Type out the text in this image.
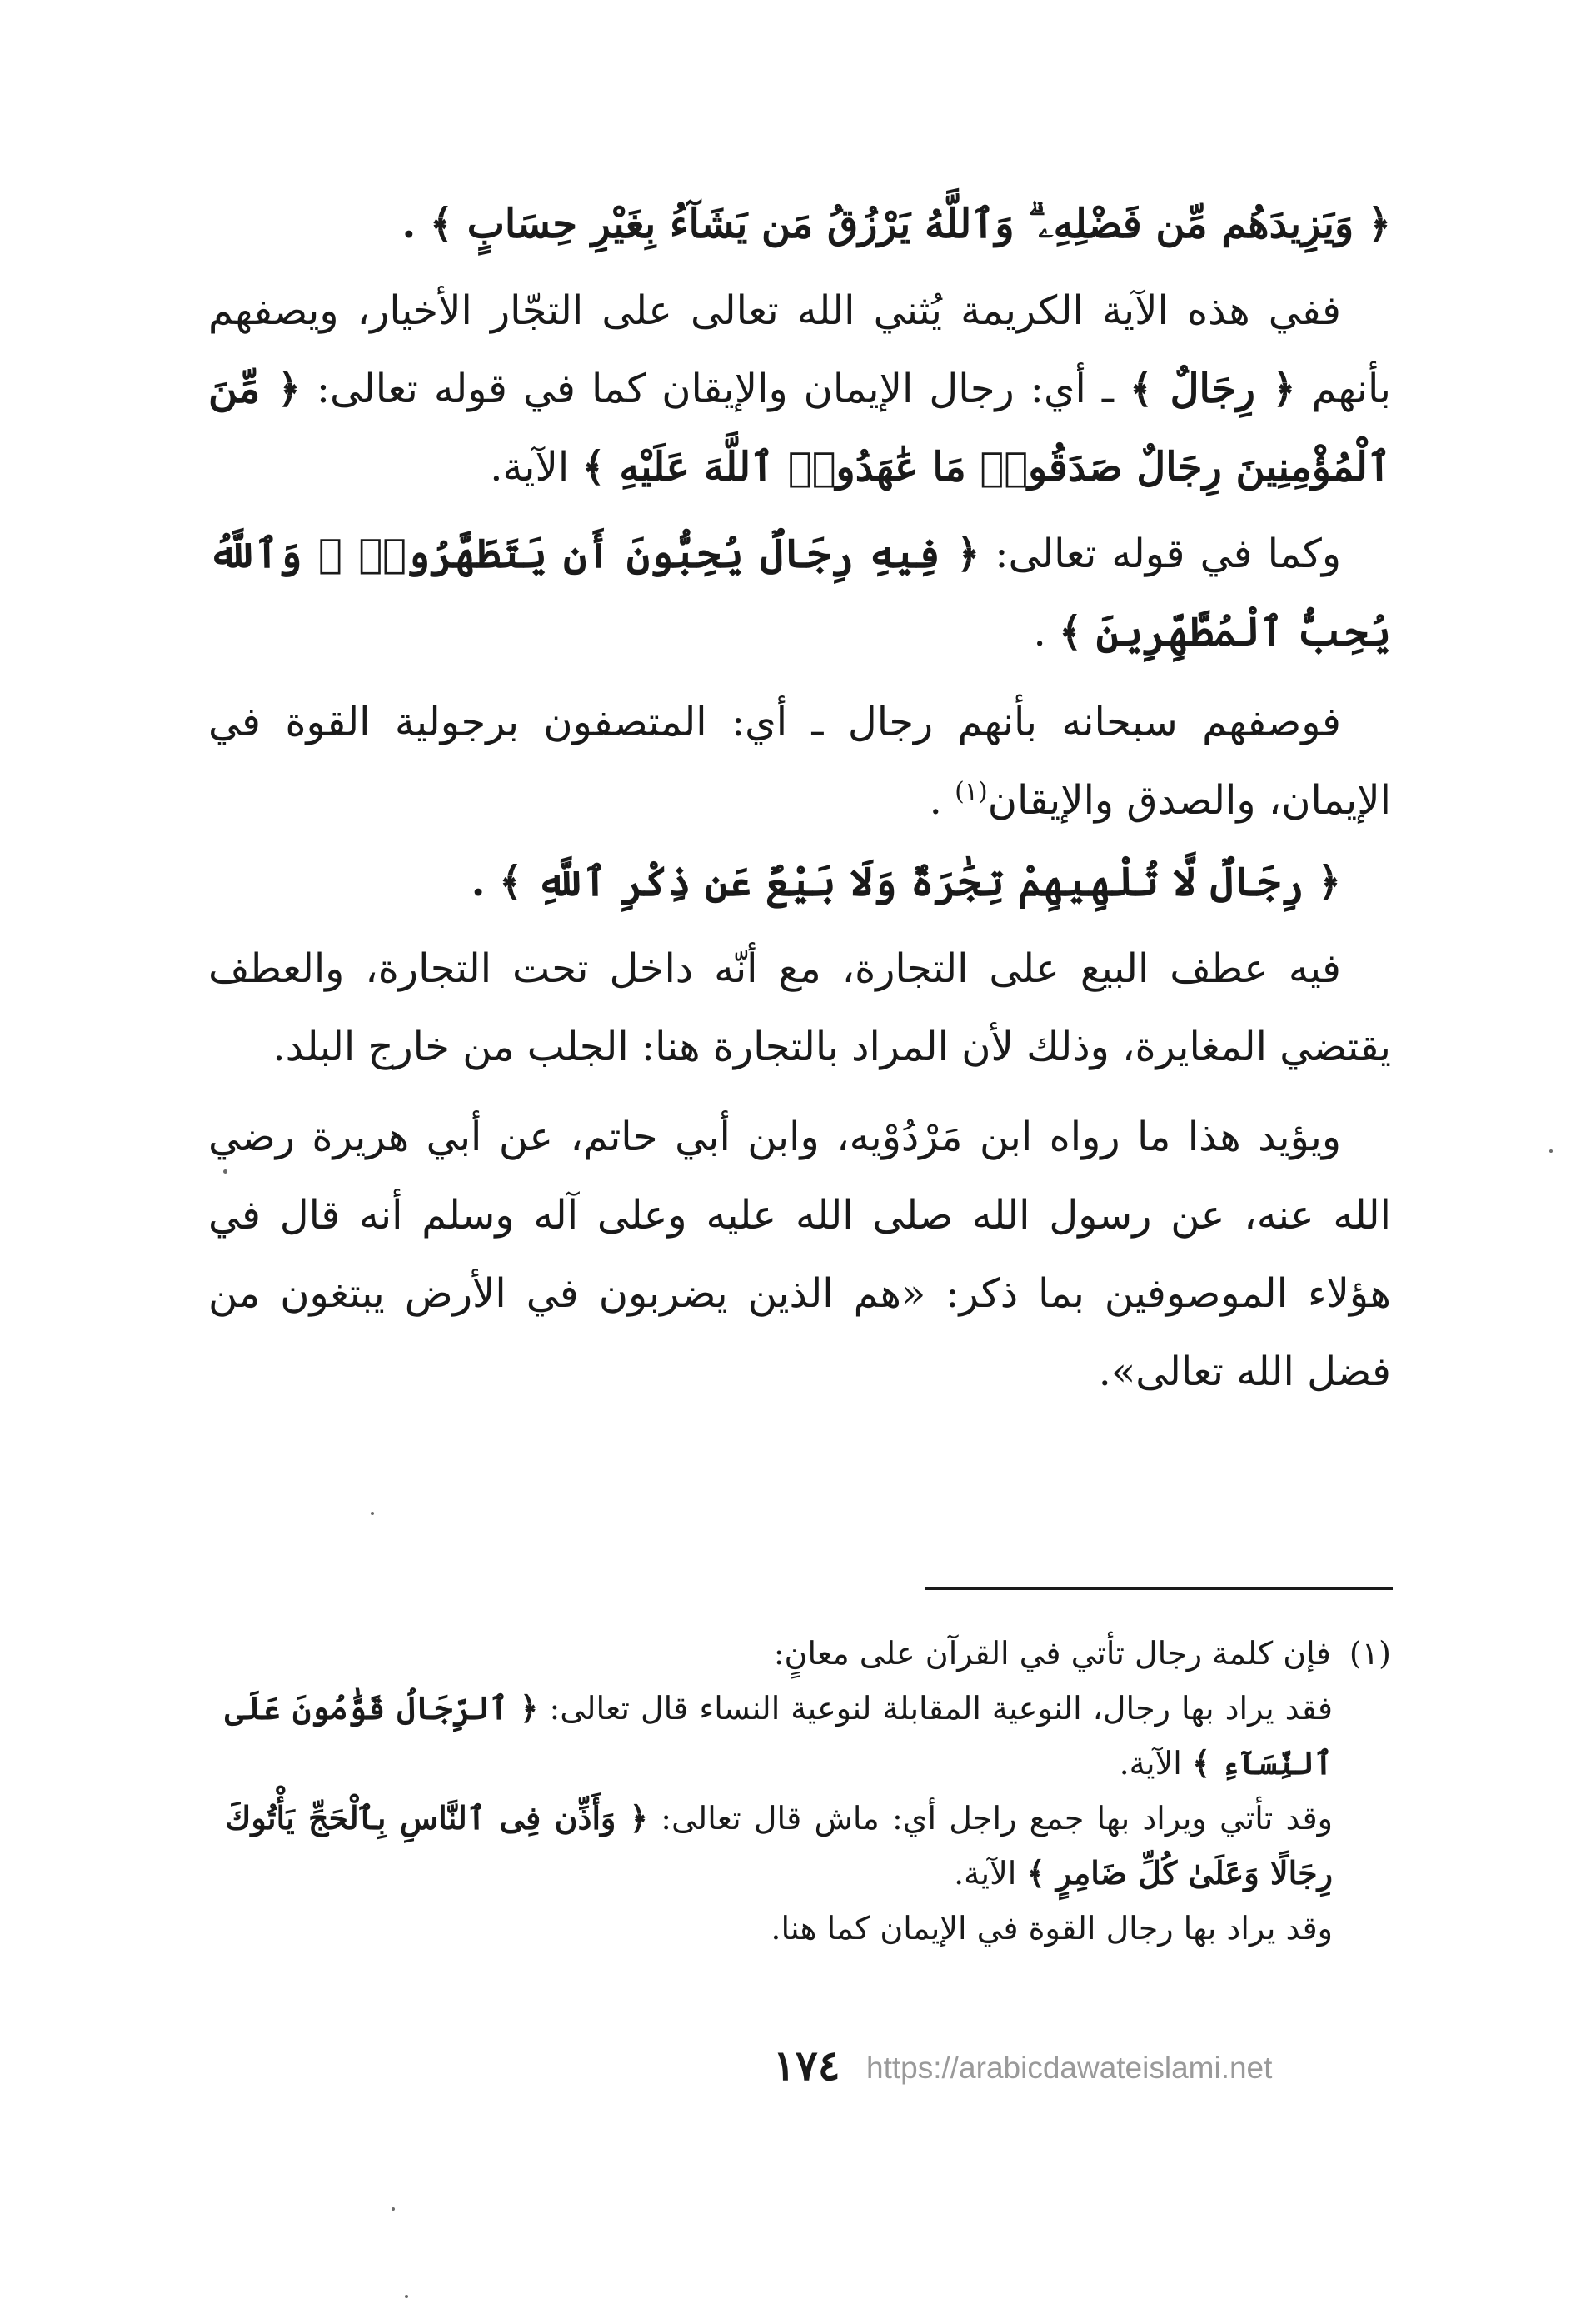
﴿ وَيَزِيدَهُم مِّن فَضْلِهِۦ ۗ وَٱللَّهُ يَرْزُقُ مَن يَشَآءُ بِغَيْرِ حِسَابٍ ﴾ .

ففي هذه الآية الكريمة يُثني الله تعالى على التجّار الأخيار، ويصفهم بأنهم ﴿ رِجَالٌ ﴾ ـ أي: رجال الإيمان والإيقان كما في قوله تعالى: ﴿ مِّنَ ٱلْمُؤْمِنِينَ رِجَالٌ صَدَقُوا۟ مَا عَٰهَدُوا۟ ٱللَّهَ عَلَيْهِ ﴾ الآية.

وكما في قوله تعالى: ﴿ فِيهِ رِجَالٌ يُحِبُّونَ أَن يَتَطَهَّرُوا۟ ۚ وَٱللَّهُ يُحِبُّ ٱلْمُطَّهِّرِينَ ﴾ .

فوصفهم سبحانه بأنهم رجال ـ أي: المتصفون برجولية القوة في الإيمان، والصدق والإيقان$^{(١)}$ .

﴿ رِجَالٌ لَّا تُلْهِيهِمْ تِجَٰرَةٌ وَلَا بَيْعٌ عَن ذِكْرِ ٱللَّهِ ﴾ .

فيه عطف البيع على التجارة، مع أنّه داخل تحت التجارة، والعطف يقتضي المغايرة، وذلك لأن المراد بالتجارة هنا: الجلب من خارج البلد.

ويؤيد هذا ما رواه ابن مَرْدُوْيه، وابن أبي حاتم، عن أبي هريرة رضي الله عنه، عن رسول الله صلى الله عليه وعلى آله وسلم أنه قال في هؤلاء الموصوفين بما ذكر: «هم الذين يضربون في الأرض يبتغون من فضل الله تعالى».

(١)فإن كلمة رجال تأتي في القرآن على معانٍ:

فقد يراد بها رجال، النوعية المقابلة لنوعية النساء قال تعالى: ﴿ ٱلرِّجَالُ قَوَّٰمُونَ عَلَى ٱلنِّسَآءِ ﴾ الآية.

وقد تأتي ويراد بها جمع راجل أي: ماش قال تعالى: ﴿ وَأَذِّن فِى ٱلنَّاسِ بِٱلْحَجِّ يَأْتُوكَ رِجَالًا وَعَلَىٰ كُلِّ ضَامِرٍ ﴾ الآية.

وقد يراد بها رجال القوة في الإيمان كما هنا.

١٧٤ https://arabicdawateislami.net
